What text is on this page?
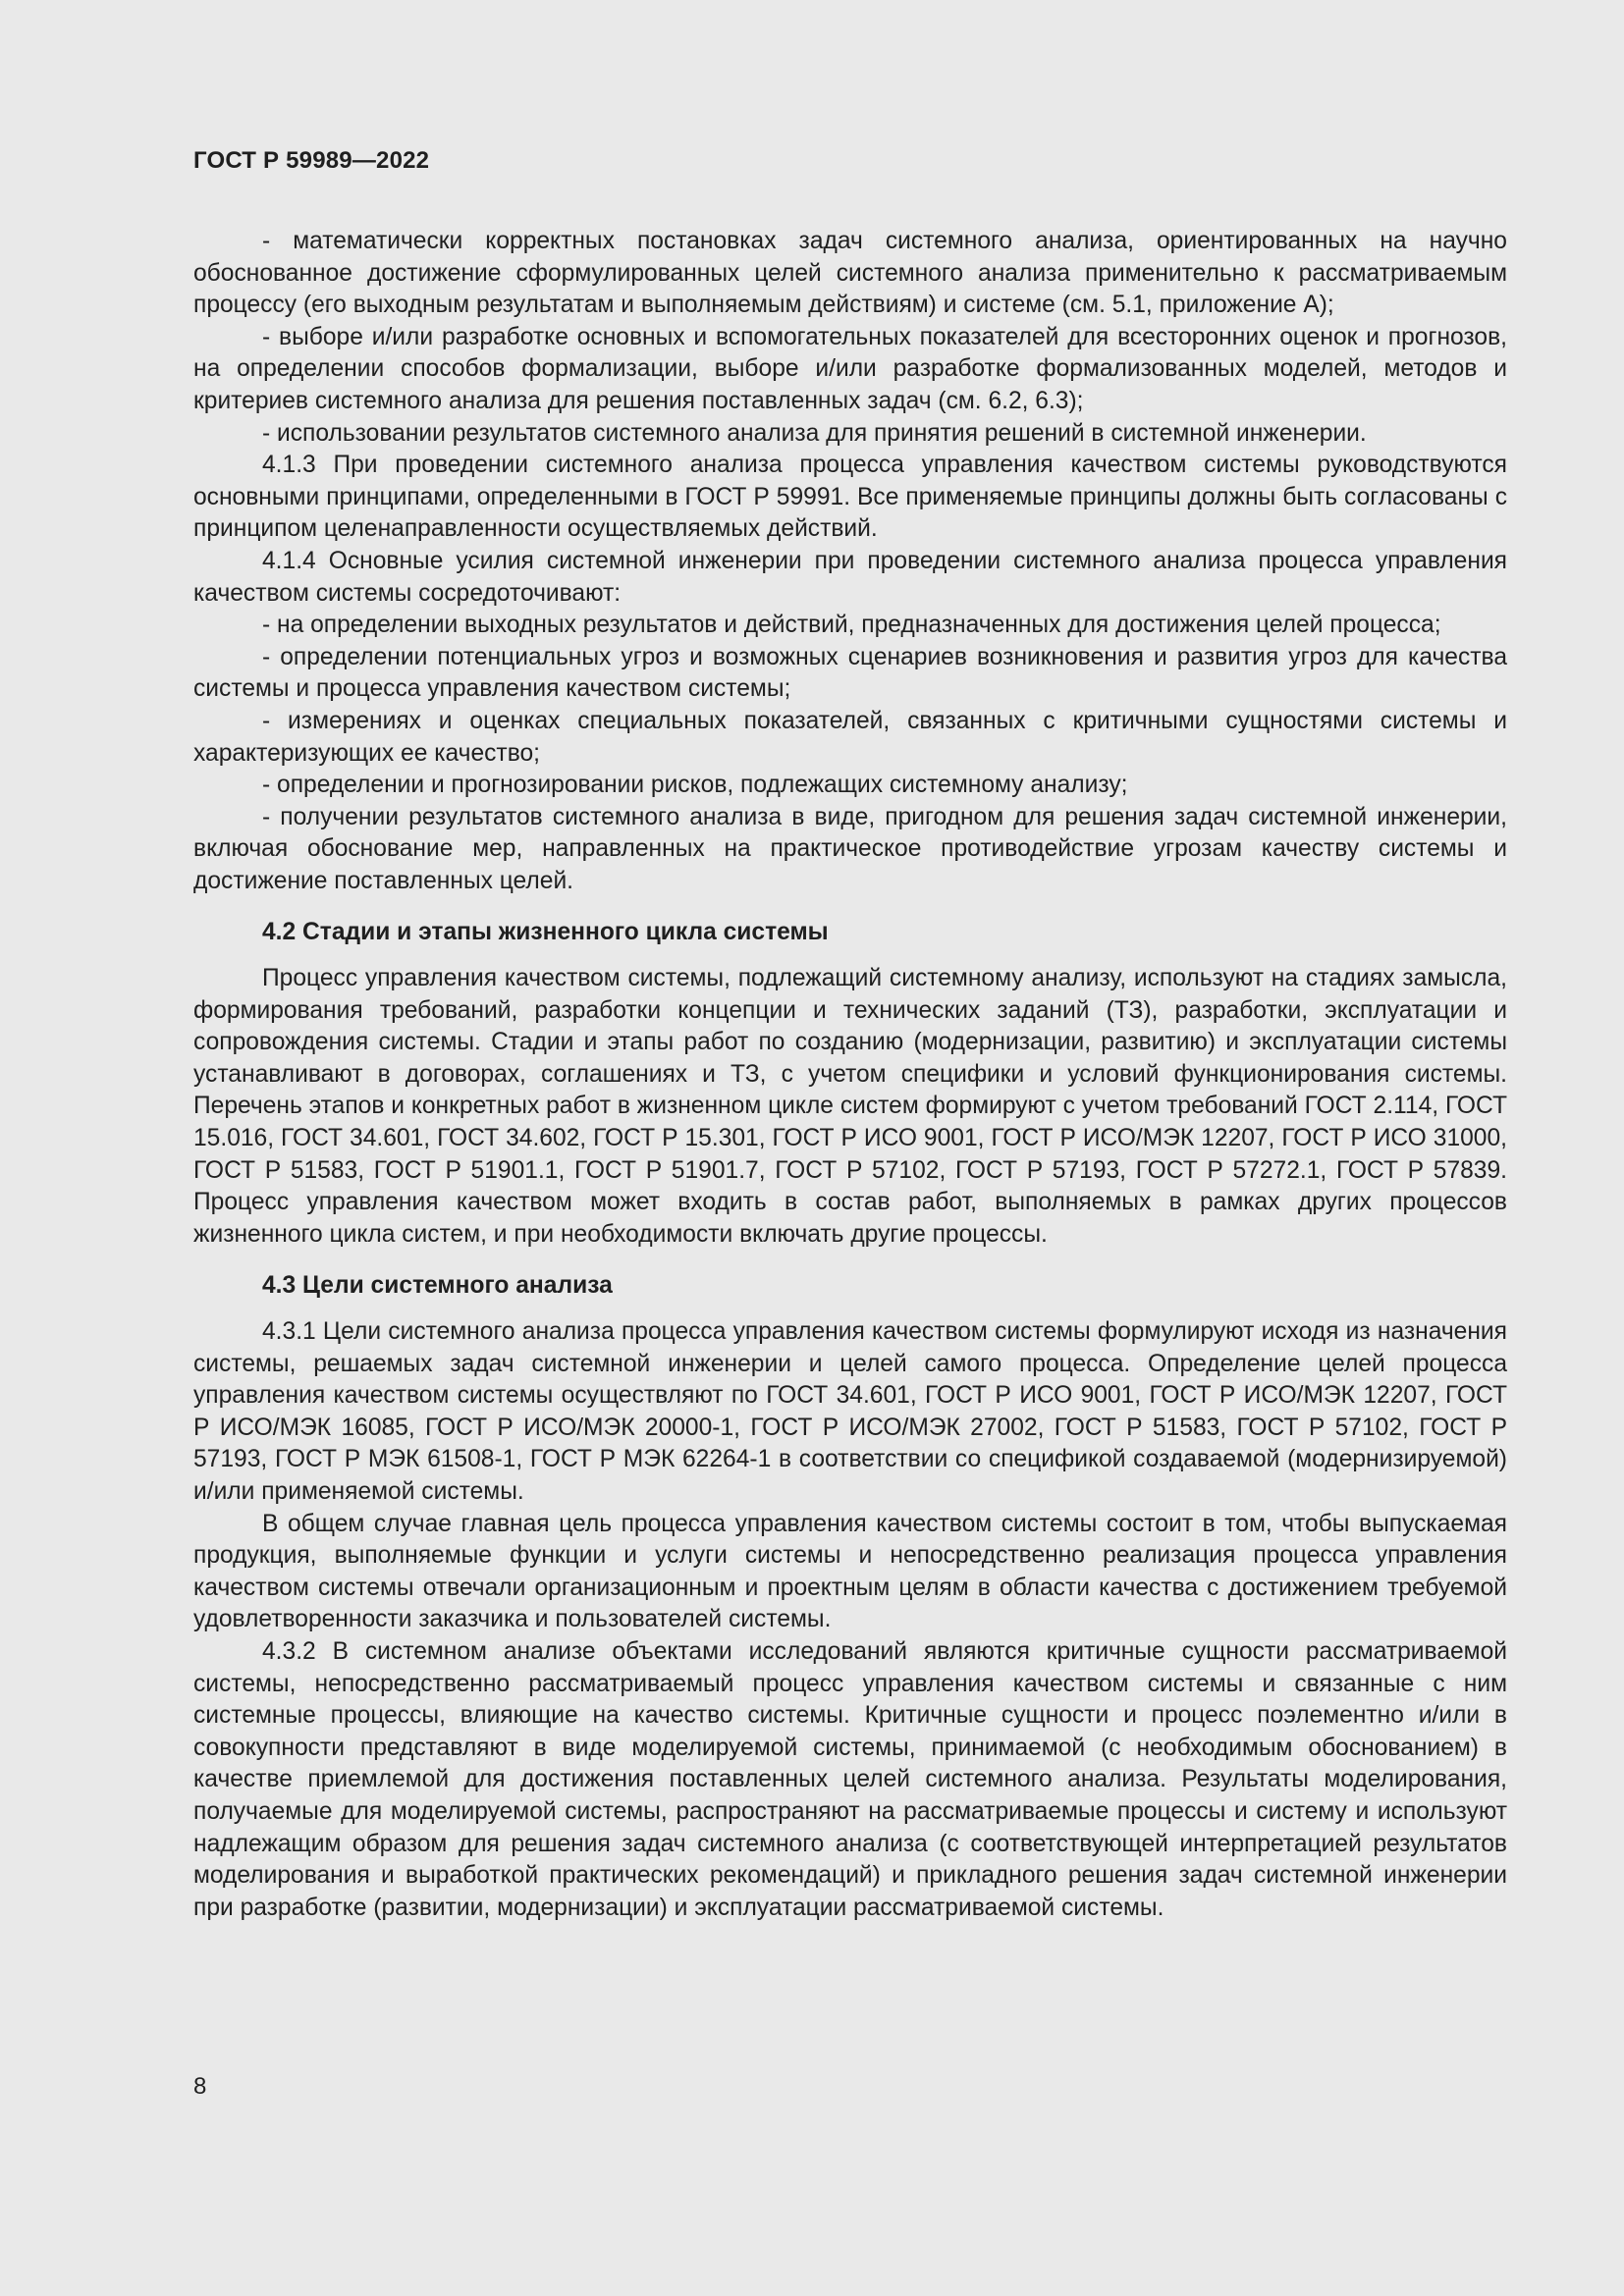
ГОСТ Р 59989—2022

- математически корректных постановках задач системного анализа, ориентированных на научно обоснованное достижение сформулированных целей системного анализа применительно к рассматриваемым процессу (его выходным результатам и выполняемым действиям) и системе (см. 5.1, приложение А);

- выборе и/или разработке основных и вспомогательных показателей для всесторонних оценок и прогнозов, на определении способов формализации, выборе и/или разработке формализованных моделей, методов и критериев системного анализа для решения поставленных задач (см. 6.2, 6.3);

- использовании результатов системного анализа для принятия решений в системной инженерии.

4.1.3 При проведении системного анализа процесса управления качеством системы руководствуются основными принципами, определенными в ГОСТ Р 59991. Все применяемые принципы должны быть согласованы с принципом целенаправленности осуществляемых действий.

4.1.4 Основные усилия системной инженерии при проведении системного анализа процесса управления качеством системы сосредоточивают:

- на определении выходных результатов и действий, предназначенных для достижения целей процесса;

- определении потенциальных угроз и возможных сценариев возникновения и развития угроз для качества системы и процесса управления качеством системы;

- измерениях и оценках специальных показателей, связанных с критичными сущностями системы и характеризующих ее качество;

- определении и прогнозировании рисков, подлежащих системному анализу;

- получении результатов системного анализа в виде, пригодном для решения задач системной инженерии, включая обоснование мер, направленных на практическое противодействие угрозам качеству системы и достижение поставленных целей.

4.2 Стадии и этапы жизненного цикла системы

Процесс управления качеством системы, подлежащий системному анализу, используют на стадиях замысла, формирования требований, разработки концепции и технических заданий (ТЗ), разработки, эксплуатации и сопровождения системы. Стадии и этапы работ по созданию (модернизации, развитию) и эксплуатации системы устанавливают в договорах, соглашениях и ТЗ, с учетом специфики и условий функционирования системы. Перечень этапов и конкретных работ в жизненном цикле систем формируют с учетом требований ГОСТ 2.114, ГОСТ 15.016, ГОСТ 34.601, ГОСТ 34.602, ГОСТ Р 15.301, ГОСТ Р ИСО 9001, ГОСТ Р ИСО/МЭК 12207, ГОСТ Р ИСО 31000, ГОСТ Р 51583, ГОСТ Р 51901.1, ГОСТ Р 51901.7, ГОСТ Р 57102, ГОСТ Р 57193, ГОСТ Р 57272.1, ГОСТ Р 57839. Процесс управления качеством может входить в состав работ, выполняемых в рамках других процессов жизненного цикла систем, и при необходимости включать другие процессы.

4.3 Цели системного анализа

4.3.1 Цели системного анализа процесса управления качеством системы формулируют исходя из назначения системы, решаемых задач системной инженерии и целей самого процесса. Определение целей процесса управления качеством системы осуществляют по ГОСТ 34.601, ГОСТ Р ИСО 9001, ГОСТ Р ИСО/МЭК 12207, ГОСТ Р ИСО/МЭК 16085, ГОСТ Р ИСО/МЭК 20000-1, ГОСТ Р ИСО/МЭК 27002, ГОСТ Р 51583, ГОСТ Р 57102, ГОСТ Р 57193, ГОСТ Р МЭК 61508-1, ГОСТ Р МЭК 62264-1 в соответствии со спецификой создаваемой (модернизируемой) и/или применяемой системы.

В общем случае главная цель процесса управления качеством системы состоит в том, чтобы выпускаемая продукция, выполняемые функции и услуги системы и непосредственно реализация процесса управления качеством системы отвечали организационным и проектным целям в области качества с достижением требуемой удовлетворенности заказчика и пользователей системы.

4.3.2 В системном анализе объектами исследований являются критичные сущности рассматриваемой системы, непосредственно рассматриваемый процесс управления качеством системы и связанные с ним системные процессы, влияющие на качество системы. Критичные сущности и процесс поэлементно и/или в совокупности представляют в виде моделируемой системы, принимаемой (с необходимым обоснованием) в качестве приемлемой для достижения поставленных целей системного анализа. Результаты моделирования, получаемые для моделируемой системы, распространяют на рассматриваемые процессы и систему и используют надлежащим образом для решения задач системного анализа (с соответствующей интерпретацией результатов моделирования и выработкой практических рекомендаций) и прикладного решения задач системной инженерии при разработке (развитии, модернизации) и эксплуатации рассматриваемой системы.

8
